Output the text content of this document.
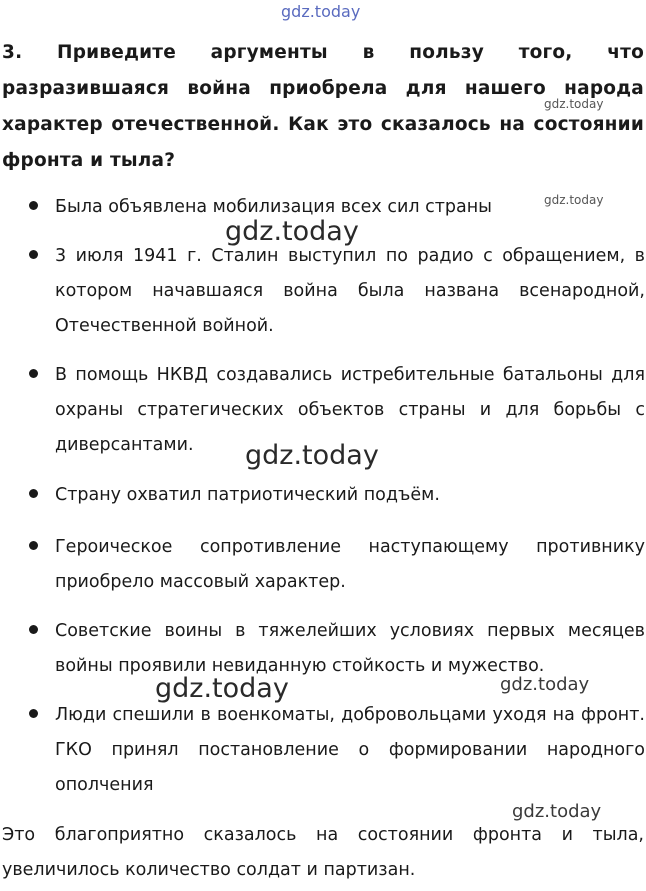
gdz.today
3. Приведите аргументы в пользу того, что разразившаяся война приобрела для нашего народа характер отечественной. Как это сказалось на состоянии фронта и тыла?
gdz.today
gdz.today

Была объявлена мобилизация всех сил страны

3 июля 1941 г. Сталин выступил по радио с обращением, в котором начавшаяся война была названа всенародной, Отечественной войной.

В помощь НКВД создавались истребительные батальоны для охраны стратегических объектов страны и для борьбы с диверсантами.

Страну охватил патриотический подъём.

Героическое сопротивление наступающему противнику приобрело массовый характер.

Советские воины в тяжелейших условиях первых месяцев войны проявили невиданную стойкость и мужество.

Люди спешили в военкоматы, добровольцами уходя на фронт. ГКО принял постановление о формировании народного ополчения

gdz.today
gdz.today
gdz.today	gdz.today
gdz.today

Это благоприятно сказалось на состоянии фронта и тыла, увеличилось количество солдат и партизан.
